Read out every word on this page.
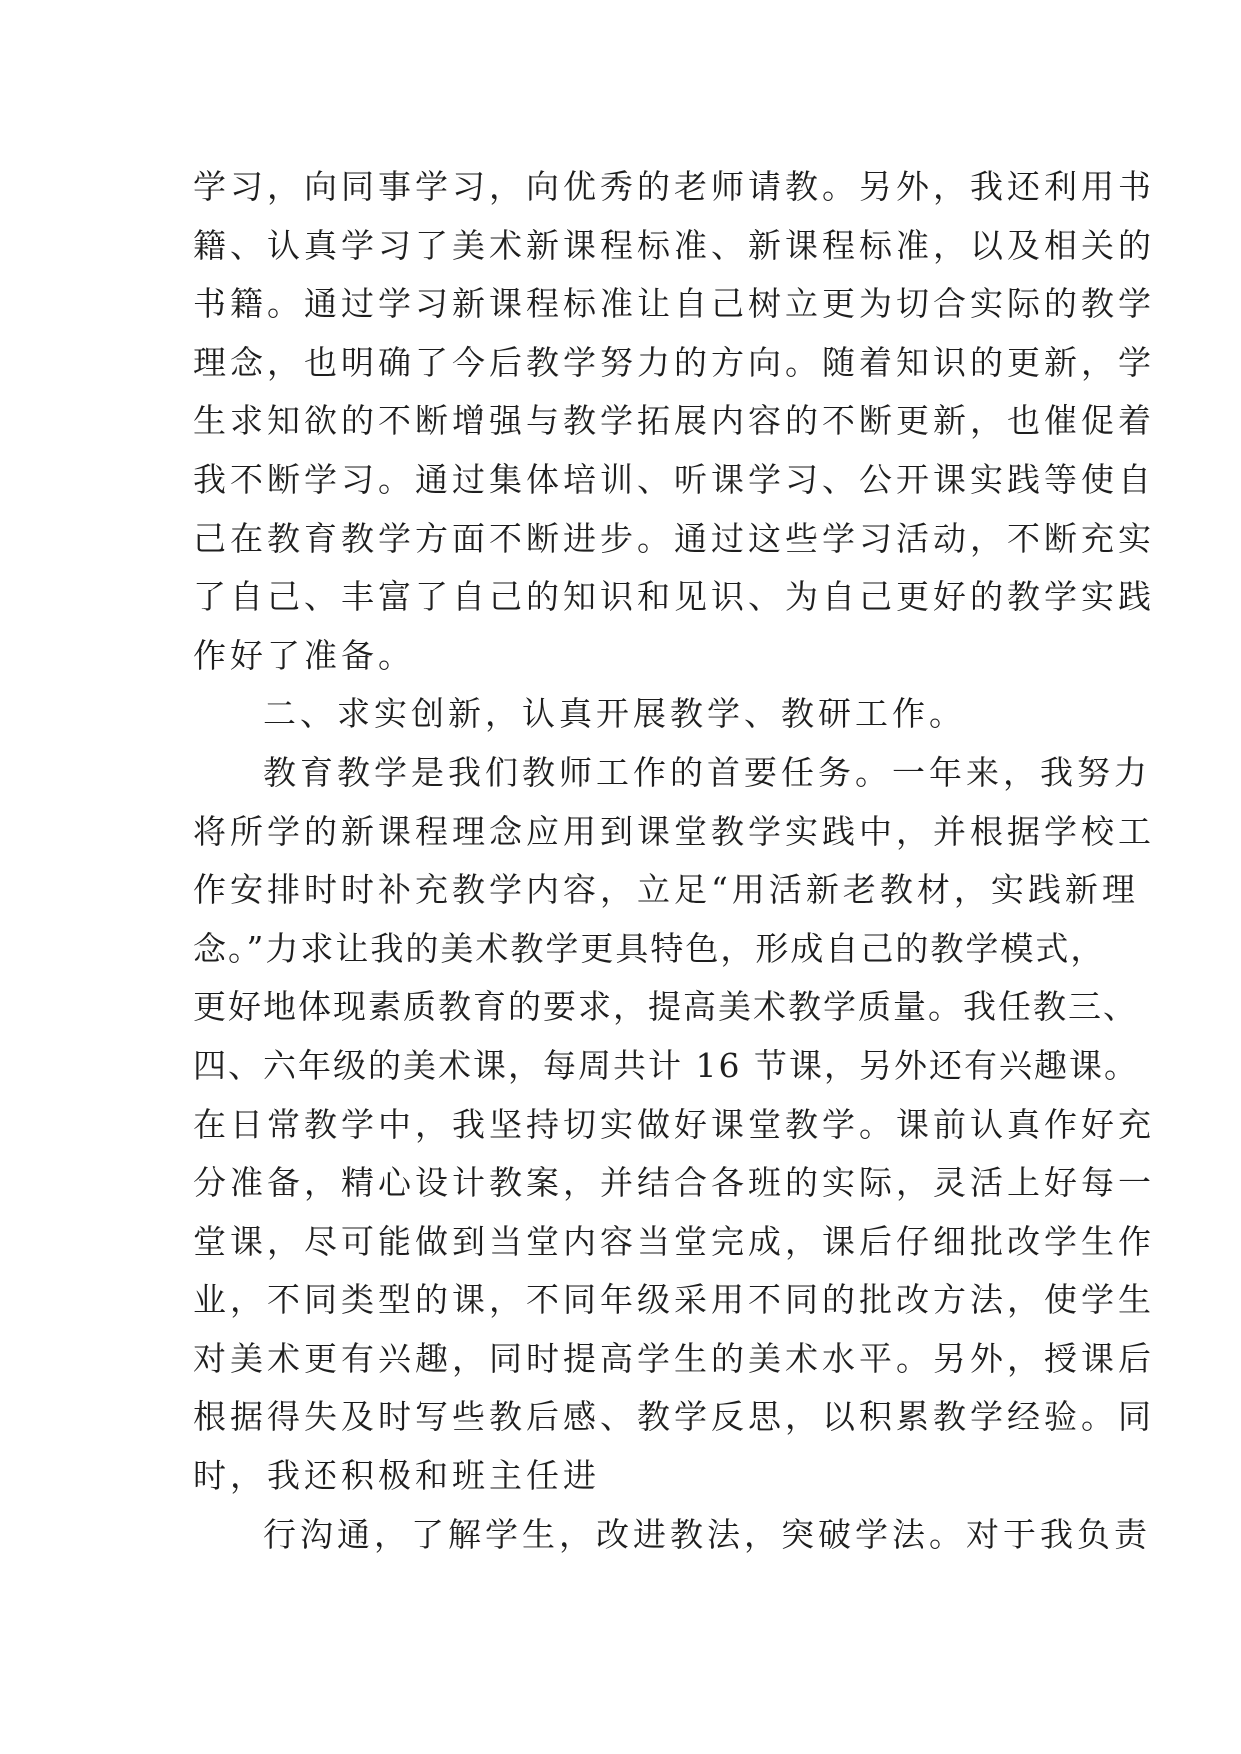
学习，向同事学习，向优秀的老师请教。另外，我还利用书
籍、认真学习了美术新课程标准、新课程标准，以及相关的
书籍。通过学习新课程标准让自己树立更为切合实际的教学
理念，也明确了今后教学努力的方向。随着知识的更新，学
生求知欲的不断增强与教学拓展内容的不断更新，也催促着
我不断学习。通过集体培训、听课学习、公开课实践等使自
己在教育教学方面不断进步。通过这些学习活动，不断充实
了自己、丰富了自己的知识和见识、为自己更好的教学实践
作好了准备。
二、求实创新，认真开展教学、教研工作。
教育教学是我们教师工作的首要任务。一年来，我努力
将所学的新课程理念应用到课堂教学实践中，并根据学校工
作安排时时补充教学内容，立足“用活新老教材，实践新理
念。”力求让我的美术教学更具特色，形成自己的教学模式，
更好地体现素质教育的要求，提高美术教学质量。我任教三、
四、六年级的美术课，每周共计 16 节课，另外还有兴趣课。
在日常教学中，我坚持切实做好课堂教学。课前认真作好充
分准备，精心设计教案，并结合各班的实际，灵活上好每一
堂课，尽可能做到当堂内容当堂完成，课后仔细批改学生作
业，不同类型的课，不同年级采用不同的批改方法，使学生
对美术更有兴趣，同时提高学生的美术水平。另外，授课后
根据得失及时写些教后感、教学反思，以积累教学经验。同
时，我还积极和班主任进
行沟通，了解学生，改进教法，突破学法。对于我负责
